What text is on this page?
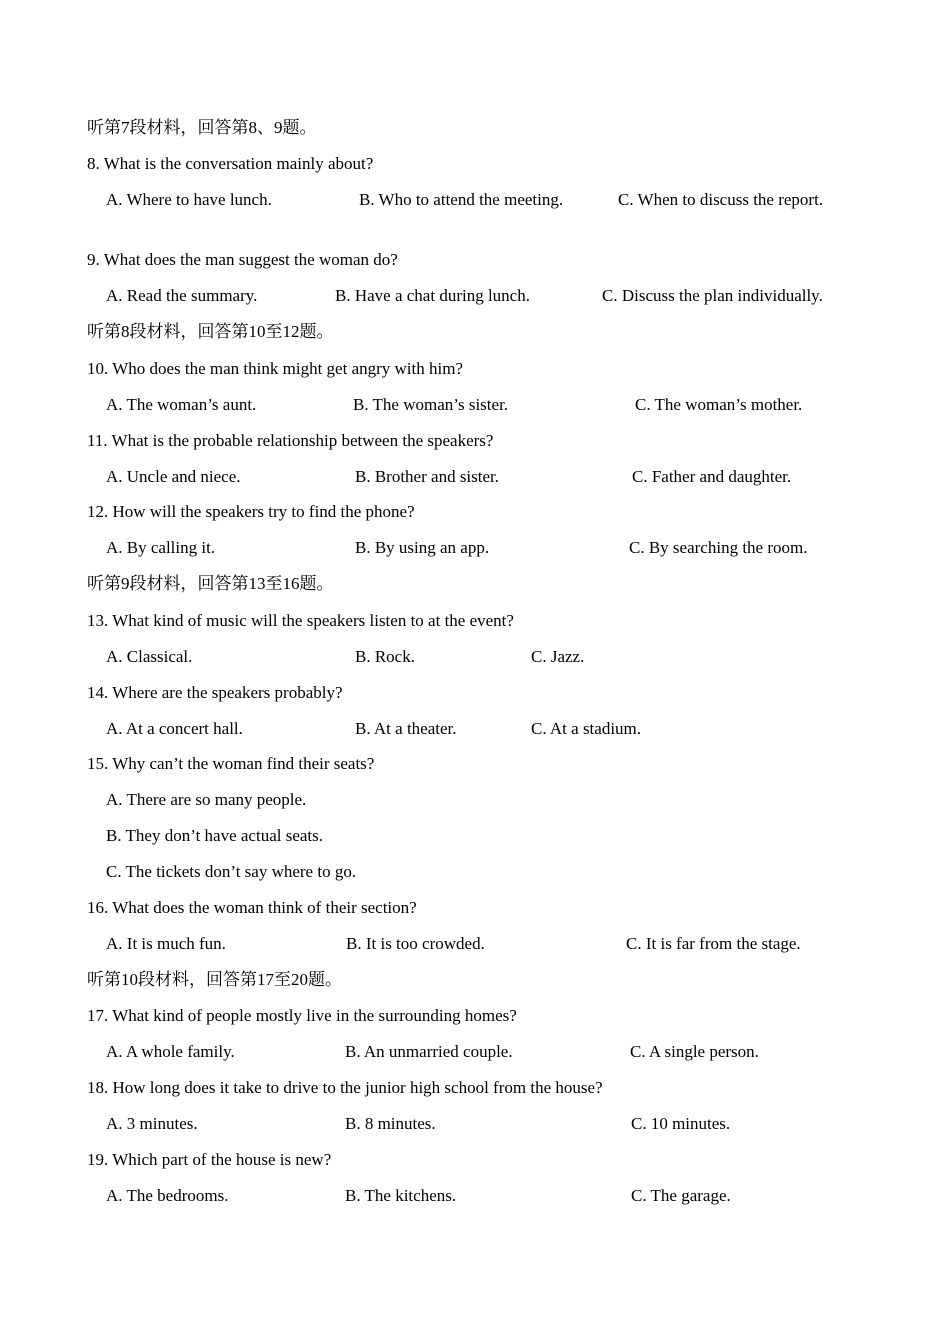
听第7段材料，回答第8、9题。
8. What is the conversation mainly about?
A. Where to have lunch.	B. Who to attend the meeting.	C. When to discuss the report.
9. What does the man suggest the woman do?
A. Read the summary.	B. Have a chat during lunch.	C. Discuss the plan individually.
听第8段材料，回答第10至12题。
10. Who does the man think might get angry with him?
A. The woman’s aunt.	B. The woman’s sister.	C. The woman’s mother.
11. What is the probable relationship between the speakers?
A. Uncle and niece.	B. Brother and sister.	C. Father and daughter.
12. How will the speakers try to find the phone?
A. By calling it.	B. By using an app.	C. By searching the room.
听第9段材料，回答第13至16题。
13. What kind of music will the speakers listen to at the event?
A. Classical.	B. Rock.	C. Jazz.
14. Where are the speakers probably?
A. At a concert hall.	B. At a theater.	C. At a stadium.
15. Why can’t the woman find their seats?
A. There are so many people.
B. They don’t have actual seats.
C. The tickets don’t say where to go.
16. What does the woman think of their section?
A. It is much fun.	B. It is too crowded.	C. It is far from the stage.
听第10段材料，回答第17至20题。
17. What kind of people mostly live in the surrounding homes?
A. A whole family.	B. An unmarried couple.	C. A single person.
18. How long does it take to drive to the junior high school from the house?
A. 3 minutes.	B. 8 minutes.	C. 10 minutes.
19. Which part of the house is new?
A. The bedrooms.	B. The kitchens.	C. The garage.
